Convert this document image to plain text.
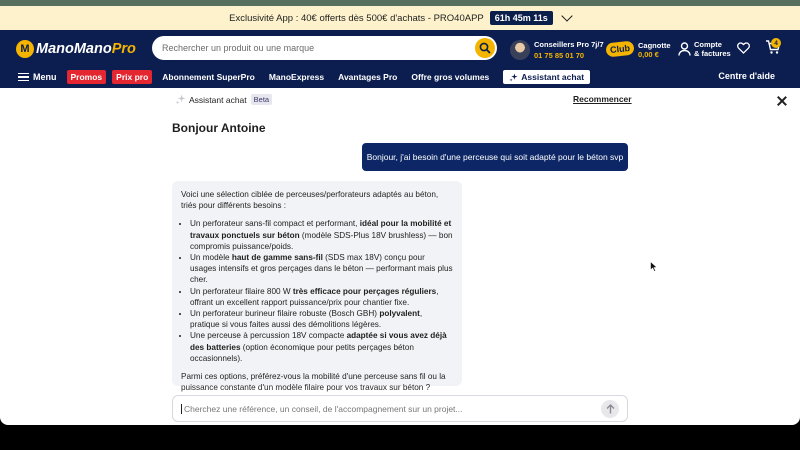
Exclusivité App : 40€ offerts dès 500€ d'achats - PRO40APP	61h 45m 11s
M ManoMano Pro
Rechercher un produit ou une marque	Conseillers Pro 7j/7
01 75 85 01 70
Club	Cagnotte
0,00 €
Compte
& factures
4
Menu	Promos	Prix pro	Abonnement SuperPro ManoExpress Avantages Pro Offre gros volumes	Assistant achat	Centre d'aide
Assistant achat Beta	Recommencer
Bonjour Antoine
Bonjour, j'ai besoin d'une perceuse qui soit adapté pour le béton svp

Voici une sélection ciblée de perceuses/perforateurs adaptés au béton, triés pour différents besoins :

• Un perforateur sans-fil compact et performant, idéal pour la mobilité et travaux ponctuels sur béton (modèle SDS-Plus 18V brushless) — bon compromis puissance/poids.
• Un modèle haut de gamme sans-fil (SDS max 18V) conçu pour usages intensifs et gros perçages dans le béton — performant mais plus cher.
• Un perforateur filaire 800 W très efficace pour perçages réguliers, offrant un excellent rapport puissance/prix pour chantier fixe.
• Un perforateur burineur filaire robuste (Bosch GBH) polyvalent, pratique si vous faites aussi des démolitions légères.
• Une perceuse à percussion 18V compacte adaptée si vous avez déjà des batteries (option économique pour petits perçages béton occasionnels).

Parmi ces options, préférez-vous la mobilité d'une perceuse sans fil ou la puissance constante d'un modèle filaire pour vos travaux sur béton ?

Cherchez une référence, un conseil, de l'accompagnement sur un projet...
